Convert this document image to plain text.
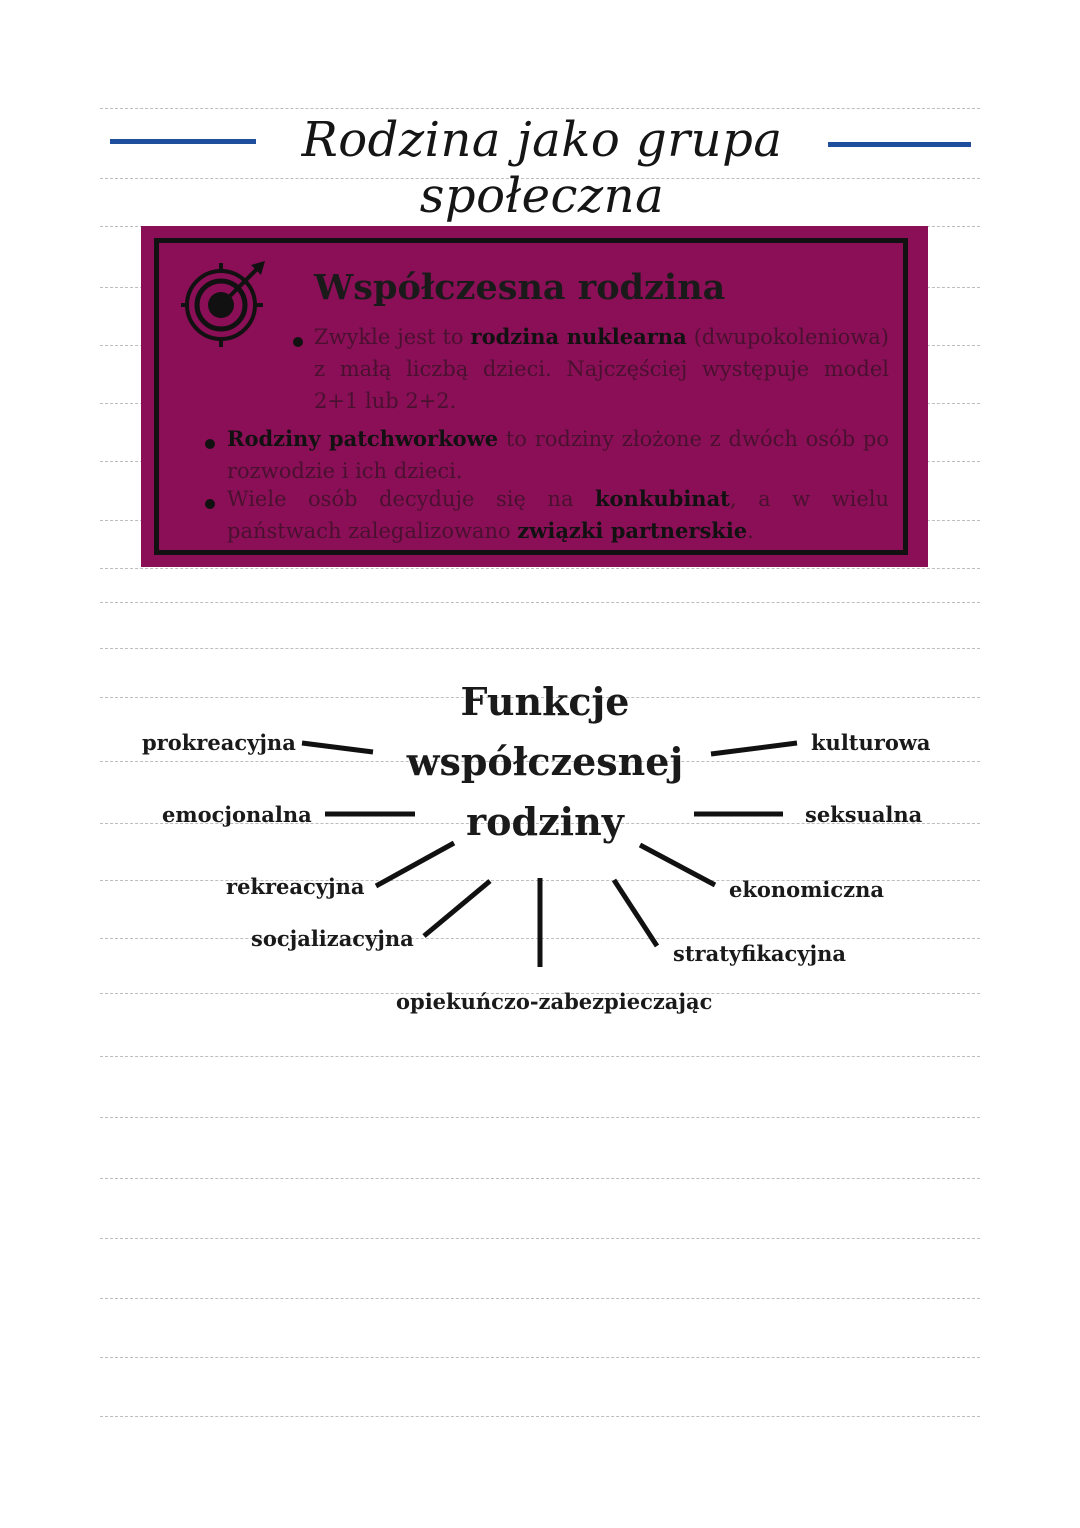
Rodzina jako grupa społeczna
Współczesna rodzina
Zwykle jest to rodzina nuklearna (dwupokoleniowa) z małą liczbą dzieci. Najczęściej występuje model 2+1 lub 2+2.
Rodziny patchworkowe to rodziny złożone z dwóch osób po rozwodzie i ich dzieci.
Wiele osób decyduje się na konkubinat, a w wielu państwach zalegalizowano związki partnerskie.
Funkcje
współczesnej
rodziny
prokreacyjna
emocjonalna
rekreacyjna
socjalizacyjna
opiekuńczo-zabezpieczając
stratyfikacyjna
ekonomiczna
seksualna
kulturowa
